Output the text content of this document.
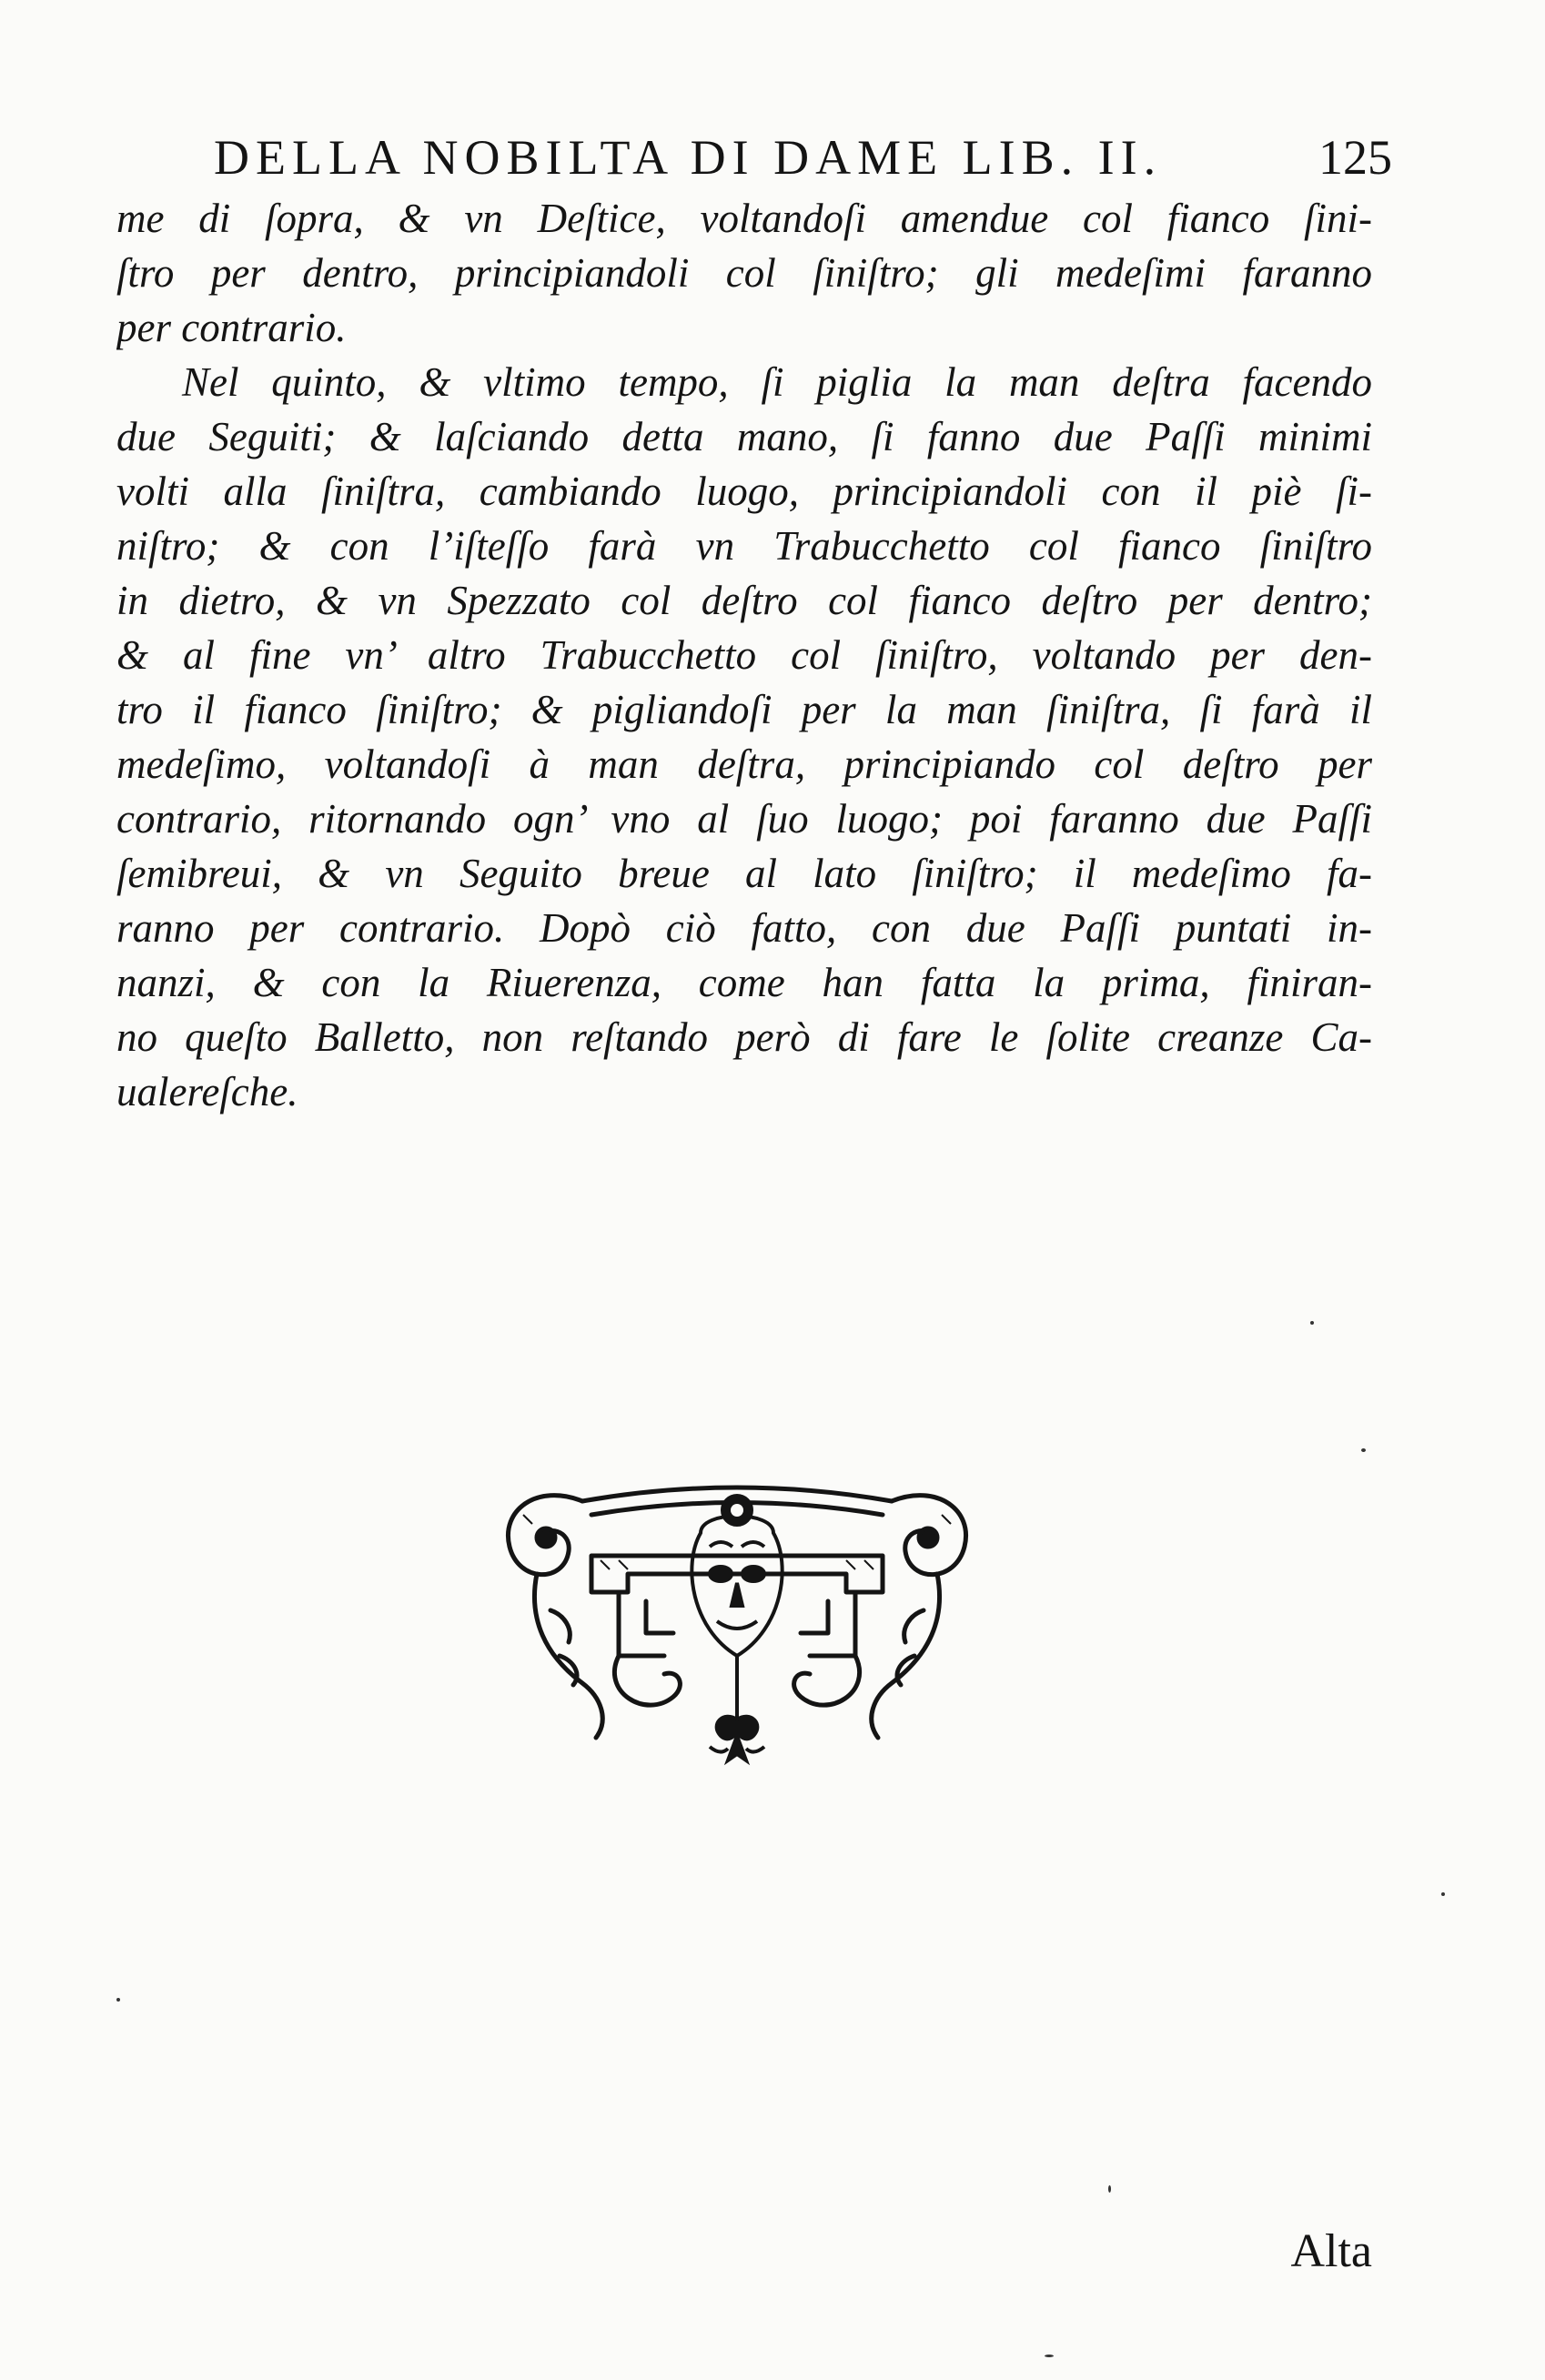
DELLA NOBILTA DI DAME LIB. II.	125
me di ſopra, & vn Deſtice, voltandoſi amendue col fianco ſini-
ſtro per dentro, principiandoli col ſiniſtro; gli medeſimi faranno
per contrario.
Nel quinto, & vltimo tempo, ſi piglia la man deſtra facendo
due Seguiti; & laſciando detta mano, ſi fanno due Paſſi minimi
volti alla ſiniſtra, cambiando luogo, principiandoli con il piè ſi-
niſtro; & con l’iſteſſo farà vn Trabucchetto col fianco ſiniſtro
in dietro, & vn Spezzato col deſtro col fianco deſtro per dentro;
& al fine vn’ altro Trabucchetto col ſiniſtro, voltando per den-
tro il fianco ſiniſtro; & pigliandoſi per la man ſiniſtra, ſi farà il
medeſimo, voltandoſi à man deſtra, principiando col deſtro per
contrario, ritornando ogn’ vno al ſuo luogo; poi faranno due Paſſi
ſemibreui, & vn Seguito breue al lato ſiniſtro; il medeſimo fa-
ranno per contrario. Dopò ciò fatto, con due Paſſi puntati in-
nanzi, & con la Riuerenza, come han fatta la prima, finiran-
no queſto Balletto, non reſtando però di fare le ſolite creanze Ca-
ualereſche.
Alta
